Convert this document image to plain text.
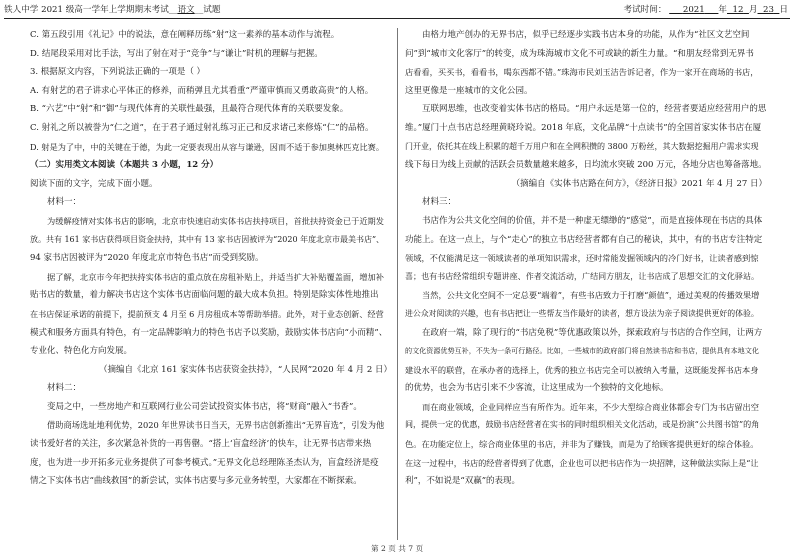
铁人中学 2021 级高一学年上学期期末考试__语文__试题	考试时间： 2021 年 12 月 23 日

C. 第五段引用《礼记》中的说法，意在阐释历练“射”这一素养的基本动作与流程。

D. 结尾段采用对比手法，写出了射在对于“竞争”与“谦让”时机的理解与把握。

3. 根据原文内容，下列说法正确的一项是（ ）

A. 有射艺的君子讲求心平体正的修养，而稍弹且尤其看重“严谨审慎而又勇敢高贵”的人格。

B. “六艺”中“射”和“御”与现代体育的关联性最强，且最符合现代体育的关联要发象。

C. 射礼之所以被誉为“仁之道”，在于君子通过射礼练习正己和反求诸己来修炼“仁”的品格。

D. 射是为了中，中的关键在于德，为此一定要表现出从容与谦逊，因而不适于参加奥林匹克比赛。

（二）实用类文本阅读（本题共 3 小题，12 分）

阅读下面的文字，完成下面小题。

材料一：

为缓解疫情对实体书店的影响，北京市快速启动实体书店扶持项目，首批扶持资金已于近期发

放。共有 161 家书店获得项目资金扶持，其中有 13 家书店因被评为“2020 年度北京市最美书店”、

94 家书店因被评为“2020 年度北京市特色书店”而受到奖励。

据了解，北京市今年把扶持实体书店的重点放在房租补贴上，并适当扩大补贴覆盖面，增加补

贴书店的数量，着力解决书店这个实体书店面临问题的最大成本负担。特别是除实体性地推出

在书店保证承诺的前提下，提前预支 4 月至 6 月房租成本等帮助举措。此外，对于业态创新、经营

模式和服务方面具有特色，有一定品牌影响力的特色书店予以奖励，鼓励实体书店向“小而精”、

专业化、特色化方向发展。

（摘编自《北京 161 家实体书店获资金扶持》，“人民网”2020 年 4 月 2 日）

材料二：

变局之中，一些房地产和互联网行业公司尝试投资实体书店，将“财商”融入“书香”。

借助商场选址地利优势，2020 年世界读书日当天，无界书店创新推出“无界盲选”，引发为他

读书爱好者的关注，多次紧急补货的一再售罄。“搭上‘盲盒经济’的快车，让无界书店带来热

度，也为进一步开拓多元业务提供了可参考模式。”无界文化总经理陈圣杰认为，盲盒经济是疫

情之下实体书店“曲线救国”的新尝试，实体书店要与多元业务转型，大家都在不断探索。

由格力地产创办的无界书店，似乎已经逐步实践书店本身的功能，从作为“社区文艺空间

问”到“城市文化客厅”的转变，成为珠海城市文化不可或缺的新生力量。“和朋友经常到无界书

店看看，买买书，看看书，喝东西都不错。”珠海市民刘玉洁告诉记者，作为一家开在商场的书店，

这里更像是一座城市的文化公园。

互联网思维，也改变着实体书店的格局。“用户永远是第一位的，经营者要适应经营用户的思

维。”厦门十点书店总经理黄晓玲说。2018 年底，文化品牌“十点读书”的全国首家实体书店在厦

门开业，依托其在线上积累的超千万用户和在全网积攒的 3800 万粉丝，其大数据挖掘用户需求实现

线下每日为线上贡献的活跃会员数量越来越多，日均流水突破 200 万元，各地分店也筹备落地。

（摘编自《实体书店路在何方》，《经济日报》2021 年 4 月 27 日）

材料三：

书店作为公共文化空间的价值，并不是一种虚无缥缈的“感觉”，而是直接体现在书店的具体

功能上。在这一点上，与个“走心”的独立书店经营者都有自己的秘诀，其中，有的书店专注特定

领域，不仅能满足这一领域读者的单项知识需求，还时常能发掘领域内的冷门好书，让读者感到惊

喜；也有书店经常组织专题讲座、作者交流活动，广结同方朋友，让书店成了思想交汇的文化驿站。

当然，公共文化空间不一定总要“端着”，有些书店致力于打磨“颜值”，通过美观的传播效果增

进公众对阅读的兴趣，也有书店把让一些帮友当作最好的读者，想方设法为亲子阅读提供更好的体验。

在政府一端，除了现行的“书店免税”等优惠政策以外，探索政府与书店的合作空间，让两方

的文化资源优势互补，不失为一条可行路径。比如，一些城市的政府部门将自然读书店和书店，提供具有本地文化

建设水平的联营，在承办者的选择上，优秀的独立书店完全可以被纳入考量，这既能发挥书店本身

的优势，也会为书店引来不少客流，让这里成为一个独特的文化地标。

而在商业领域，企业同样应当有所作为。近年来，不少大型综合商业体都会专门为书店留出空

间，提供一定的优惠，鼓励书店经营者在实书的同时组织相关文化活动，或是扮演“公共图书馆”的角

色。在功能定位上，综合商业体里的书店，并非为了赚钱，而是为了给顾客提供更好的综合体验。

在这一过程中，书店的经营者得到了优惠，企业也可以把书店作为一块招牌，这种做法实际上是“让

利”，不如说是“双赢”的表现。

第 2 页 共 7 页
